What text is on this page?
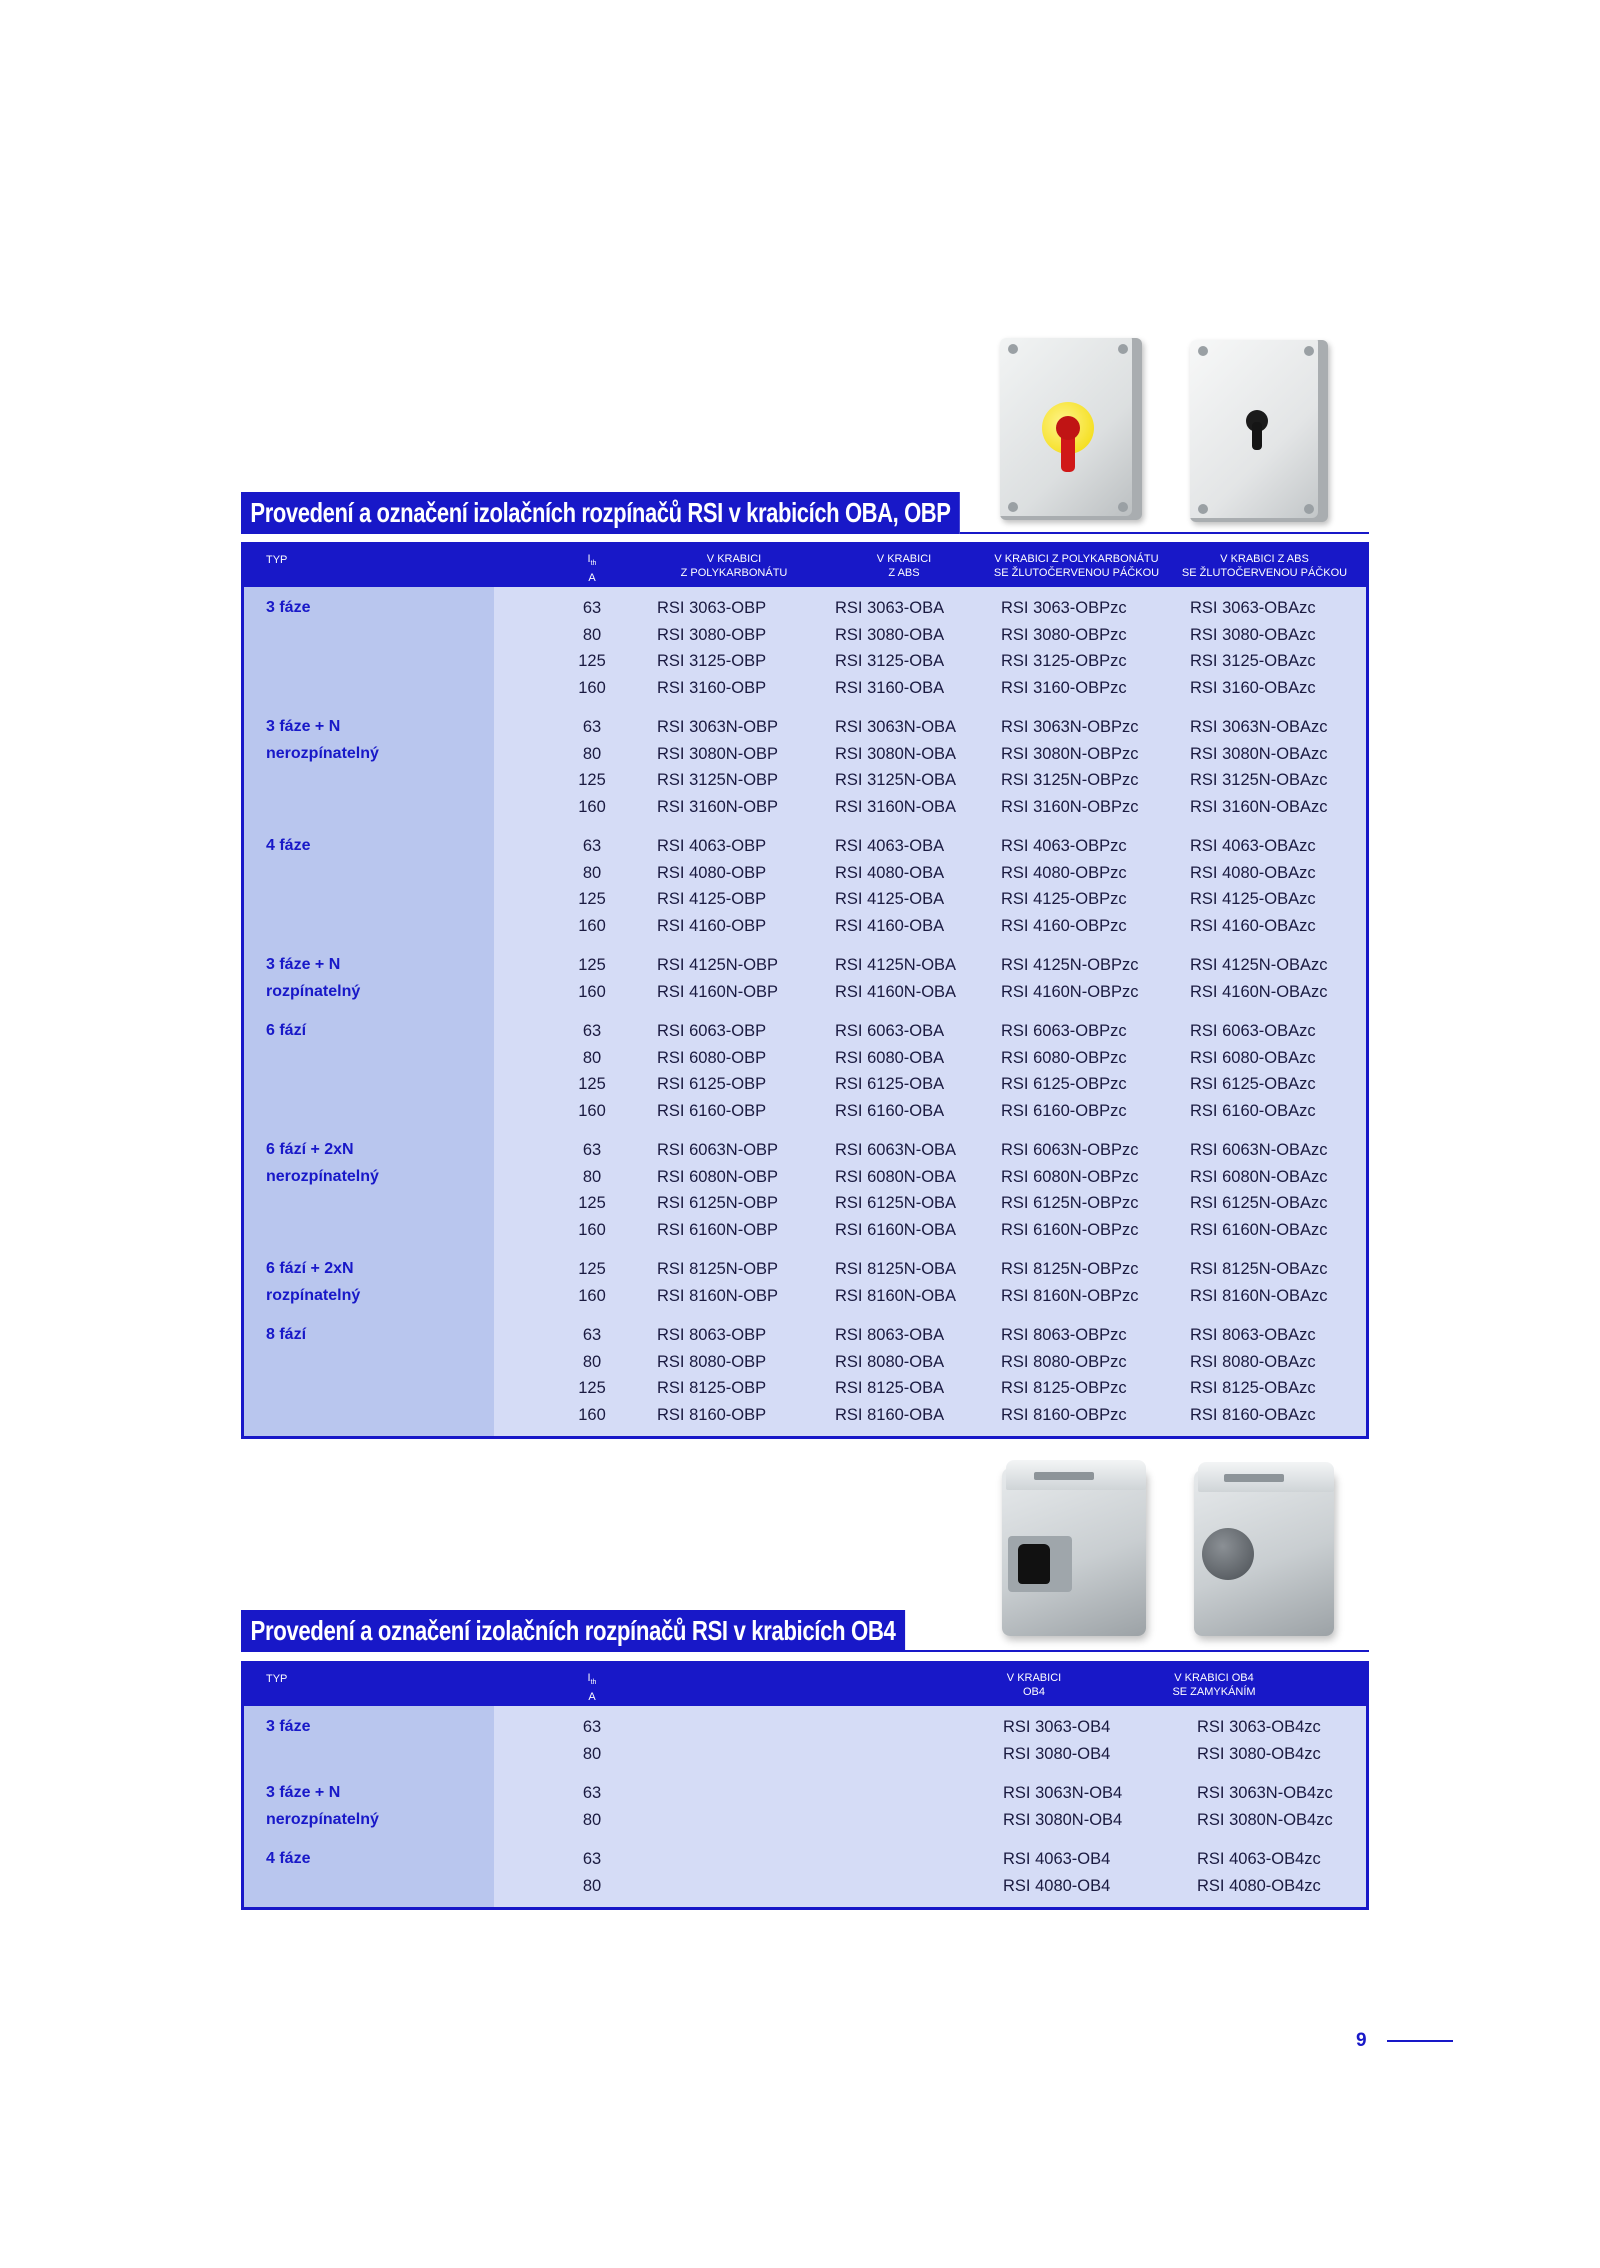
Provedení a označení izolačních rozpínačů RSI v krabicích OBA, OBP
TYP	$I_{th}$
A
V KRABICI
Z POLYKARBONÁTU
V KRABICI
Z ABS
V KRABICI Z POLYKARBONÁTU
SE ŽLUTOČERVENOU PÁČKOU
V KRABICI Z ABS
SE ŽLUTOČERVENOU PÁČKOU
3 fáze	63	RSI 3063-OBP	RSI 3063-OBA	RSI 3063-OBPzc	RSI 3063-OBAzc
80	RSI 3080-OBP	RSI 3080-OBA	RSI 3080-OBPzc	RSI 3080-OBAzc
125	RSI 3125-OBP	RSI 3125-OBA	RSI 3125-OBPzc	RSI 3125-OBAzc
160	RSI 3160-OBP	RSI 3160-OBA	RSI 3160-OBPzc	RSI 3160-OBAzc
3 fáze + N	63	RSI 3063N-OBP	RSI 3063N-OBA	RSI 3063N-OBPzc	RSI 3063N-OBAzc
nerozpínatelný	80	RSI 3080N-OBP	RSI 3080N-OBA	RSI 3080N-OBPzc	RSI 3080N-OBAzc
125	RSI 3125N-OBP	RSI 3125N-OBA	RSI 3125N-OBPzc	RSI 3125N-OBAzc
160	RSI 3160N-OBP	RSI 3160N-OBA	RSI 3160N-OBPzc	RSI 3160N-OBAzc
4 fáze	63	RSI 4063-OBP	RSI 4063-OBA	RSI 4063-OBPzc	RSI 4063-OBAzc
80	RSI 4080-OBP	RSI 4080-OBA	RSI 4080-OBPzc	RSI 4080-OBAzc
125	RSI 4125-OBP	RSI 4125-OBA	RSI 4125-OBPzc	RSI 4125-OBAzc
160	RSI 4160-OBP	RSI 4160-OBA	RSI 4160-OBPzc	RSI 4160-OBAzc
3 fáze + N	125	RSI 4125N-OBP	RSI 4125N-OBA	RSI 4125N-OBPzc	RSI 4125N-OBAzc
rozpínatelný	160	RSI 4160N-OBP	RSI 4160N-OBA	RSI 4160N-OBPzc	RSI 4160N-OBAzc
6 fází	63	RSI 6063-OBP	RSI 6063-OBA	RSI 6063-OBPzc	RSI 6063-OBAzc
80	RSI 6080-OBP	RSI 6080-OBA	RSI 6080-OBPzc	RSI 6080-OBAzc
125	RSI 6125-OBP	RSI 6125-OBA	RSI 6125-OBPzc	RSI 6125-OBAzc
160	RSI 6160-OBP	RSI 6160-OBA	RSI 6160-OBPzc	RSI 6160-OBAzc
6 fází + 2xN	63	RSI 6063N-OBP	RSI 6063N-OBA	RSI 6063N-OBPzc	RSI 6063N-OBAzc
nerozpínatelný	80	RSI 6080N-OBP	RSI 6080N-OBA	RSI 6080N-OBPzc	RSI 6080N-OBAzc
125	RSI 6125N-OBP	RSI 6125N-OBA	RSI 6125N-OBPzc	RSI 6125N-OBAzc
160	RSI 6160N-OBP	RSI 6160N-OBA	RSI 6160N-OBPzc	RSI 6160N-OBAzc
6 fází + 2xN	125	RSI 8125N-OBP	RSI 8125N-OBA	RSI 8125N-OBPzc	RSI 8125N-OBAzc
rozpínatelný	160	RSI 8160N-OBP	RSI 8160N-OBA	RSI 8160N-OBPzc	RSI 8160N-OBAzc
8 fází	63	RSI 8063-OBP	RSI 8063-OBA	RSI 8063-OBPzc	RSI 8063-OBAzc
80	RSI 8080-OBP	RSI 8080-OBA	RSI 8080-OBPzc	RSI 8080-OBAzc
125	RSI 8125-OBP	RSI 8125-OBA	RSI 8125-OBPzc	RSI 8125-OBAzc
160	RSI 8160-OBP	RSI 8160-OBA	RSI 8160-OBPzc	RSI 8160-OBAzc
Provedení a označení izolačních rozpínačů RSI v krabicích OB4
TYP	$I_{th}$
A
V KRABICI
OB4
V KRABICI OB4
SE ZAMYKÁNÍM
3 fáze	63	RSI 3063-OB4	RSI 3063-OB4zc
80	RSI 3080-OB4	RSI 3080-OB4zc
3 fáze + N	63	RSI 3063N-OB4	RSI 3063N-OB4zc
nerozpínatelný	80	RSI 3080N-OB4	RSI 3080N-OB4zc
4 fáze	63	RSI 4063-OB4	RSI 4063-OB4zc
80	RSI 4080-OB4	RSI 4080-OB4zc
9
